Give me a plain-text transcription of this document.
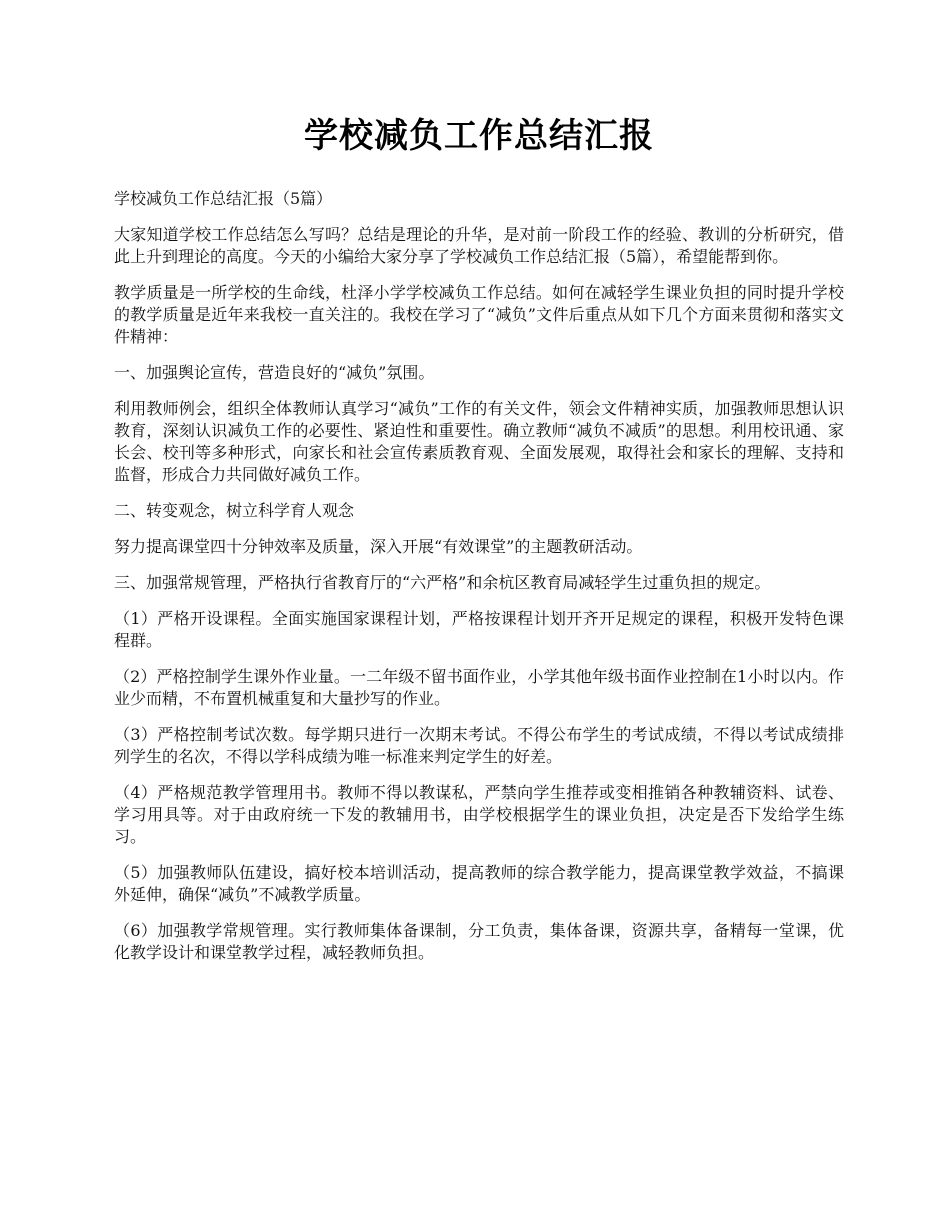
学校减负工作总结汇报

学校减负工作总结汇报（5篇）

大家知道学校工作总结怎么写吗？总结是理论的升华，是对前一阶段工作的经验、教训的分析研究，借此上升到理论的高度。今天的小编给大家分享了学校减负工作总结汇报（5篇），希望能帮到你。

教学质量是一所学校的生命线，杜泽小学学校减负工作总结。如何在减轻学生课业负担的同时提升学校的教学质量是近年来我校一直关注的。我校在学习了“减负”文件后重点从如下几个方面来贯彻和落实文件精神：

一、加强舆论宣传，营造良好的“减负”氛围。

利用教师例会，组织全体教师认真学习“减负”工作的有关文件，领会文件精神实质，加强教师思想认识教育，深刻认识减负工作的必要性、紧迫性和重要性。确立教师“减负不减质”的思想。利用校讯通、家长会、校刊等多种形式，向家长和社会宣传素质教育观、全面发展观，取得社会和家长的理解、支持和监督，形成合力共同做好减负工作。

二、转变观念，树立科学育人观念

努力提高课堂四十分钟效率及质量，深入开展“有效课堂”的主题教研活动。

三、加强常规管理，严格执行省教育厅的“六严格”和余杭区教育局减轻学生过重负担的规定。

（1）严格开设课程。全面实施国家课程计划，严格按课程计划开齐开足规定的课程，积极开发特色课程群。

（2）严格控制学生课外作业量。一二年级不留书面作业，小学其他年级书面作业控制在1小时以内。作业少而精，不布置机械重复和大量抄写的作业。

（3）严格控制考试次数。每学期只进行一次期末考试。不得公布学生的考试成绩，不得以考试成绩排列学生的名次，不得以学科成绩为唯一标准来判定学生的好差。

（4）严格规范教学管理用书。教师不得以教谋私，严禁向学生推荐或变相推销各种教辅资料、试卷、学习用具等。对于由政府统一下发的教辅用书，由学校根据学生的课业负担，决定是否下发给学生练习。

（5）加强教师队伍建设，搞好校本培训活动，提高教师的综合教学能力，提高课堂教学效益，不搞课外延伸，确保“减负”不减教学质量。

（6）加强教学常规管理。实行教师集体备课制，分工负责，集体备课，资源共享，备精每一堂课，优化教学设计和课堂教学过程，减轻教师负担。
